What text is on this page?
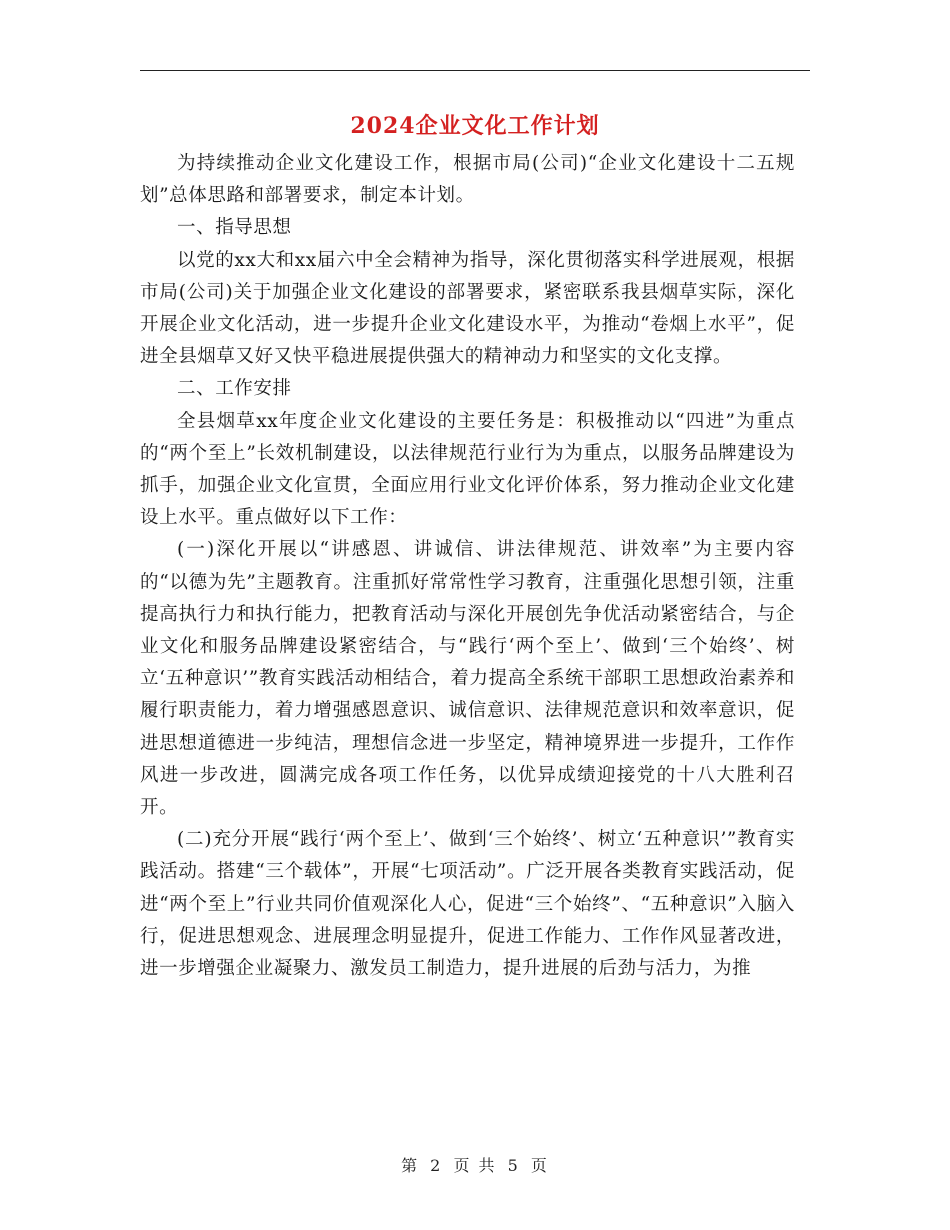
2024企业文化工作计划

为持续推动企业文化建设工作，根据市局(公司)“企业文化建设十二五规划”总体思路和部署要求，制定本计划。

一、指导思想

以党的xx大和xx届六中全会精神为指导，深化贯彻落实科学进展观，根据市局(公司)关于加强企业文化建设的部署要求，紧密联系我县烟草实际，深化开展企业文化活动，进一步提升企业文化建设水平，为推动“卷烟上水平”，促进全县烟草又好又快平稳进展提供强大的精神动力和坚实的文化支撑。

二、工作安排

全县烟草xx年度企业文化建设的主要任务是：积极推动以“四进”为重点的“两个至上”长效机制建设，以法律规范行业行为为重点，以服务品牌建设为抓手，加强企业文化宣贯，全面应用行业文化评价体系，努力推动企业文化建设上水平。重点做好以下工作：

(一)深化开展以“讲感恩、讲诚信、讲法律规范、讲效率”为主要内容的“以德为先”主题教育。注重抓好常常性学习教育，注重强化思想引领，注重提高执行力和执行能力，把教育活动与深化开展创先争优活动紧密结合，与企业文化和服务品牌建设紧密结合，与“践行‘两个至上’、做到‘三个始终’、树立‘五种意识’”教育实践活动相结合，着力提高全系统干部职工思想政治素养和履行职责能力，着力增强感恩意识、诚信意识、法律规范意识和效率意识，促进思想道德进一步纯洁，理想信念进一步坚定，精神境界进一步提升，工作作风进一步改进，圆满完成各项工作任务，以优异成绩迎接党的十八大胜利召开。

(二)充分开展“践行‘两个至上’、做到‘三个始终’、树立‘五种意识’”教育实践活动。搭建“三个载体”，开展“七项活动”。广泛开展各类教育实践活动，促进“两个至上”行业共同价值观深化人心，促进“三个始终”、“五种意识”入脑入行，促进思想观念、进展理念明显提升，促进工作能力、工作作风显著改进，进一步增强企业凝聚力、激发员工制造力，提升进展的后劲与活力，为推

第 2 页 共 5 页
